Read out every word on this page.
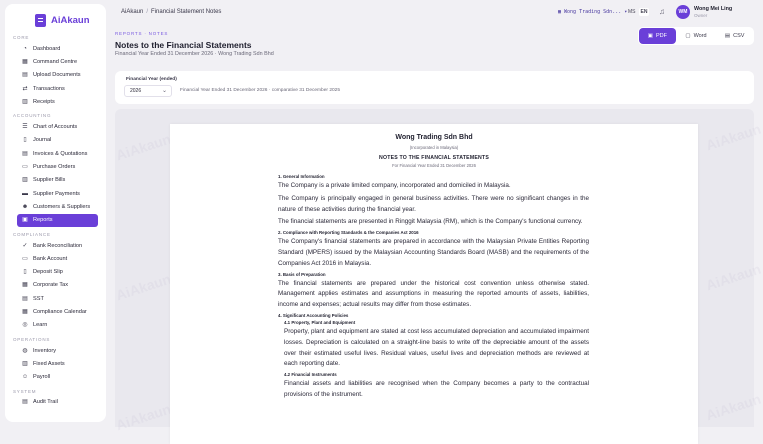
AiAkaun
CORE
◔ Dashboard
▦ Command Centre
▤ Upload Documents
⇄ Transactions
▥ Receipts
ACCOUNTING
☰ Chart of Accounts
▯ Journal
▤ Invoices & Quotations
▭ Purchase Orders
▥ Supplier Bills
▬ Supplier Payments
☻ Customers & Suppliers
▣ Reports
COMPLIANCE
✓ Bank Reconciliation
▭ Bank Account
▯ Deposit Slip
▦ Corporate Tax
▤ SST
▦ Compliance Calendar
◎ Learn
OPERATIONS
◍ Inventory
▥ Fixed Assets
☺ Payroll
SYSTEM
▤ Audit Trail
AiAkaun / Financial Statement Notes	▦ Wong Trading Sdn... ▾ MS EN ♫	WM	Wong Mei Ling
Owner
REPORTS · NOTES
Notes to the Financial Statements
Financial Year Ended 31 December 2026 · Wong Trading Sdn Bhd
▣ PDF	▢ Word	▤ CSV
Financial Year (ended)
2026	⌄	Financial Year Ended 31 December 2026 · comparative 31 December 2025
AiAkaun
AiAkaun
AiAkaun
AiAkaun
AiAkaun
AiAkaun
Wong Trading Sdn Bhd
(Incorporated in Malaysia)
NOTES TO THE FINANCIAL STATEMENTS
For Financial Year Ended 31 December 2026
1. General Information

The Company is a private limited company, incorporated and domiciled in Malaysia.

The Company is principally engaged in general business activities. There were no significant changes in the nature of these activities during the financial year.

The financial statements are presented in Ringgit Malaysia (RM), which is the Company's functional currency.

2. Compliance with Reporting Standards & the Companies Act 2016

The Company's financial statements are prepared in accordance with the Malaysian Private Entities Reporting Standard (MPERS) issued by the Malaysian Accounting Standards Board (MASB) and the requirements of the Companies Act 2016 in Malaysia.

3. Basis of Preparation

The financial statements are prepared under the historical cost convention unless otherwise stated. Management applies estimates and assumptions in measuring the reported amounts of assets, liabilities, income and expenses; actual results may differ from those estimates.

4. Significant Accounting Policies
4.1 Property, Plant and Equipment

Property, plant and equipment are stated at cost less accumulated depreciation and accumulated impairment losses. Depreciation is calculated on a straight-line basis to write off the depreciable amount of the assets over their estimated useful lives. Residual values, useful lives and depreciation methods are reviewed at each reporting date.

4.2 Financial Instruments

Financial assets and liabilities are recognised when the Company becomes a party to the contractual provisions of the instrument.
